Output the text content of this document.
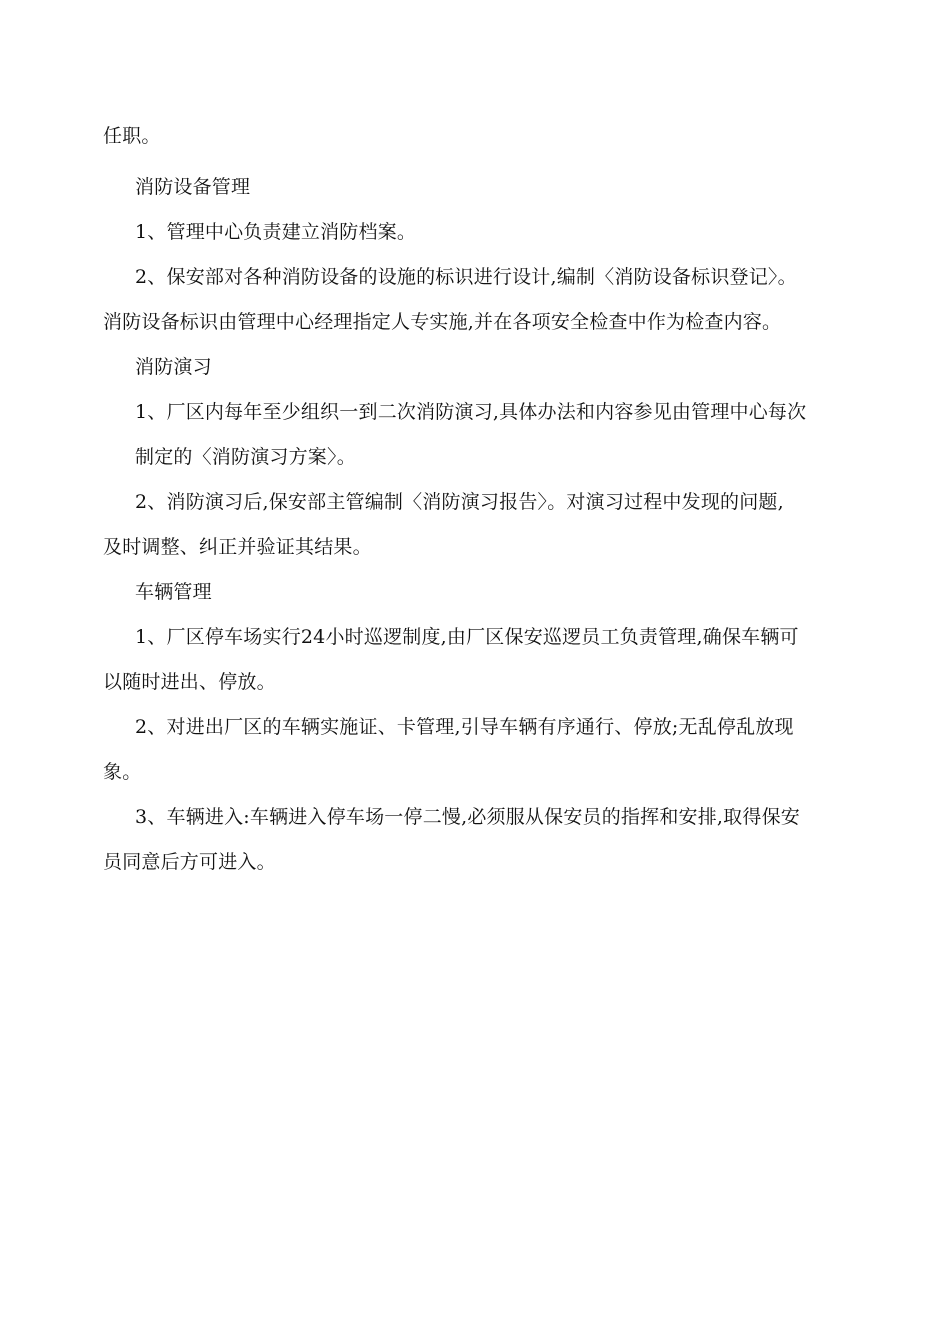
任职。
消防设备管理
1、管理中心负责建立消防档案。
2、保安部对各种消防设备的设施的标识进行设计,编制〈消防设备标识登记〉。
消防设备标识由管理中心经理指定人专实施,并在各项安全检查中作为检查内容。
消防演习
1、厂区内每年至少组织一到二次消防演习,具体办法和内容参见由管理中心每次
制定的〈消防演习方案〉。
2、消防演习后,保安部主管编制〈消防演习报告〉。对演习过程中发现的问题,
及时调整、纠正并验证其结果。
车辆管理
1、厂区停车场实行24小时巡逻制度,由厂区保安巡逻员工负责管理,确保车辆可
以随时进出、停放。
2、对进出厂区的车辆实施证、卡管理,引导车辆有序通行、停放;无乱停乱放现
象。
3、车辆进入:车辆进入停车场一停二慢,必须服从保安员的指挥和安排,取得保安
员同意后方可进入。
